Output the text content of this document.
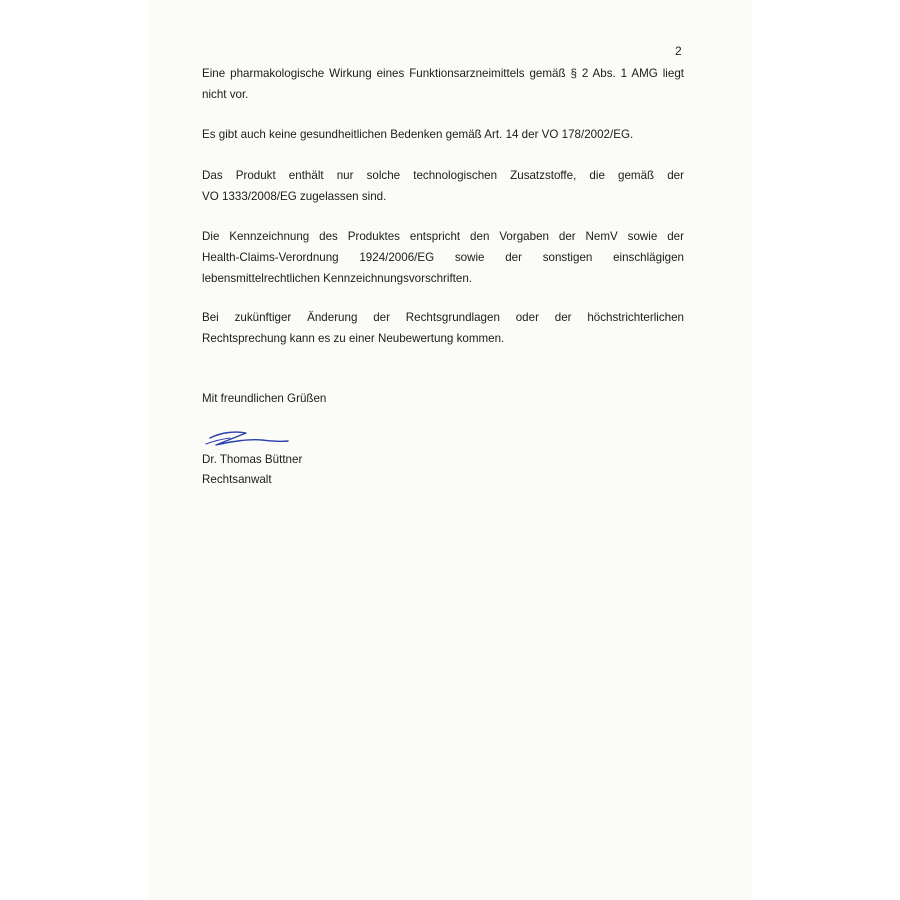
2
Eine pharmakologische Wirkung eines Funktionsarzneimittels gemäß § 2 Abs. 1 AMG liegt
nicht vor.
Es gibt auch keine gesundheitlichen Bedenken gemäß Art. 14 der VO 178/2002/EG.
Das Produkt enthält nur solche technologischen Zusatzstoffe, die gemäß der
VO 1333/2008/EG zugelassen sind.
Die Kennzeichnung des Produktes entspricht den Vorgaben der NemV sowie der
Health-Claims-Verordnung 1924/2006/EG sowie der sonstigen einschlägigen
lebensmittelrechtlichen Kennzeichnungsvorschriften.
Bei zukünftiger Änderung der Rechtsgrundlagen oder der höchstrichterlichen
Rechtsprechung kann es zu einer Neubewertung kommen.
Mit freundlichen Grüßen
Dr. Thomas Büttner
Rechtsanwalt
